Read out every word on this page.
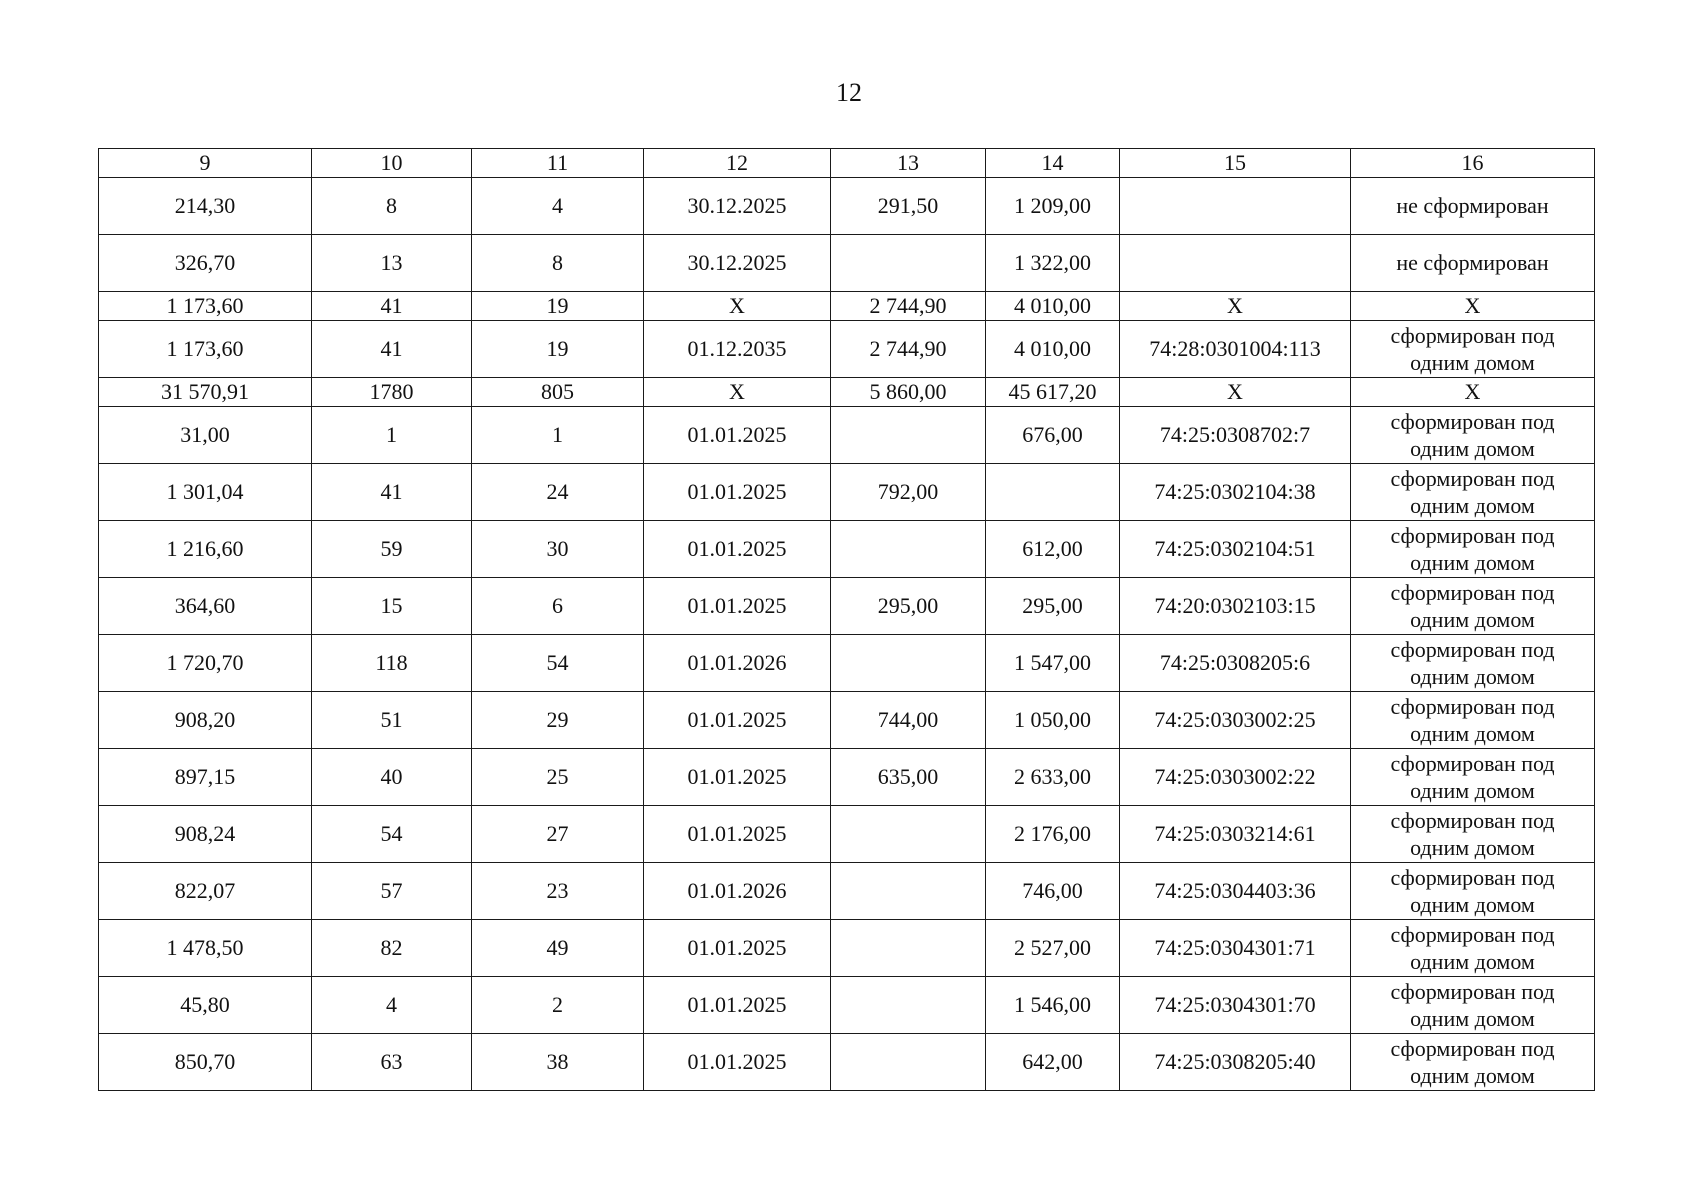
12
9	10	11	12	13	14	15	16
214,30	8	4	30.12.2025	291,50	1 209,00		не сформирован
326,70	13	8	30.12.2025		1 322,00		не сформирован
1 173,60	41	19	X	2 744,90	4 010,00	X	X
1 173,60	41	19	01.12.2035	2 744,90	4 010,00	74:28:0301004:113	сформирован под одним домом
31 570,91	1780	805	X	5 860,00	45 617,20	X	X
31,00	1	1	01.01.2025		676,00	74:25:0308702:7	сформирован под одним домом
1 301,04	41	24	01.01.2025	792,00		74:25:0302104:38	сформирован под одним домом
1 216,60	59	30	01.01.2025		612,00	74:25:0302104:51	сформирован под одним домом
364,60	15	6	01.01.2025	295,00	295,00	74:20:0302103:15	сформирован под одним домом
1 720,70	118	54	01.01.2026		1 547,00	74:25:0308205:6	сформирован под одним домом
908,20	51	29	01.01.2025	744,00	1 050,00	74:25:0303002:25	сформирован под одним домом
897,15	40	25	01.01.2025	635,00	2 633,00	74:25:0303002:22	сформирован под одним домом
908,24	54	27	01.01.2025		2 176,00	74:25:0303214:61	сформирован под одним домом
822,07	57	23	01.01.2026		746,00	74:25:0304403:36	сформирован под одним домом
1 478,50	82	49	01.01.2025		2 527,00	74:25:0304301:71	сформирован под одним домом
45,80	4	2	01.01.2025		1 546,00	74:25:0304301:70	сформирован под одним домом
850,70	63	38	01.01.2025		642,00	74:25:0308205:40	сформирован под одним домом
